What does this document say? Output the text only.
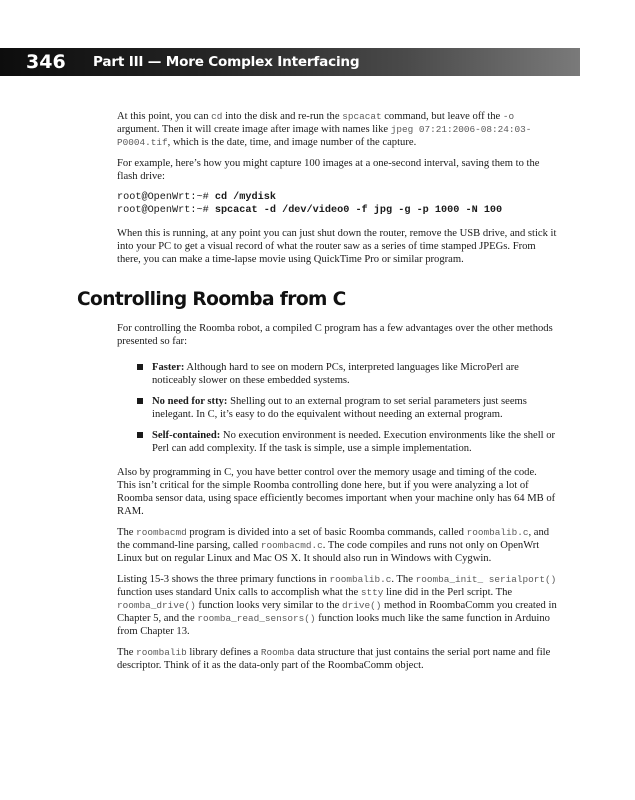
346 Part III — More Complex Interfacing

At this point, you can cd into the disk and re-run the spcacat command, but leave off the -o argument. Then it will create image after image with names like jpeg 07:21:2006-08:24:03-P0004.tif, which is the date, time, and image number of the capture.

For example, here’s how you might capture 100 images at a one-second interval, saving them to the flash drive:

root@OpenWrt:~# cd /mydisk
root@OpenWrt:~# spcacat -d /dev/video0 -f jpg -g -p 1000 -N 100

When this is running, at any point you can just shut down the router, remove the USB drive, and stick it into your PC to get a visual record of what the router saw as a series of time stamped JPEGs. From there, you can make a time-lapse movie using QuickTime Pro or similar program.

Controlling Roomba from C

For controlling the Roomba robot, a compiled C program has a few advantages over the other methods presented so far:

Faster: Although hard to see on modern PCs, interpreted languages like MicroPerl are noticeably slower on these embedded systems.
No need for stty: Shelling out to an external program to set serial parameters just seems inelegant. In C, it’s easy to do the equivalent without needing an external program.
Self-contained: No execution environment is needed. Execution environments like the shell or Perl can add complexity. If the task is simple, use a simple implementation.

Also by programming in C, you have better control over the memory usage and timing of the code. This isn’t critical for the simple Roomba controlling done here, but if you were analyzing a lot of Roomba sensor data, using space efficiently becomes important when your machine only has 64 MB of RAM.

The roombacmd program is divided into a set of basic Roomba commands, called roombalib.c, and the command-line parsing, called roombacmd.c. The code compiles and runs not only on OpenWrt Linux but on regular Linux and Mac OS X. It should also run in Windows with Cygwin.

Listing 15-3 shows the three primary functions in roombalib.c. The roomba_init_ serialport() function uses standard Unix calls to accomplish what the stty line did in the Perl script. The roomba_drive() function looks very similar to the drive() method in RoombaComm you created in Chapter 5, and the roomba_read_sensors() function looks much like the same function in Arduino from Chapter 13.

The roombalib library defines a Roomba data structure that just contains the serial port name and file descriptor. Think of it as the data-only part of the RoombaComm object.
